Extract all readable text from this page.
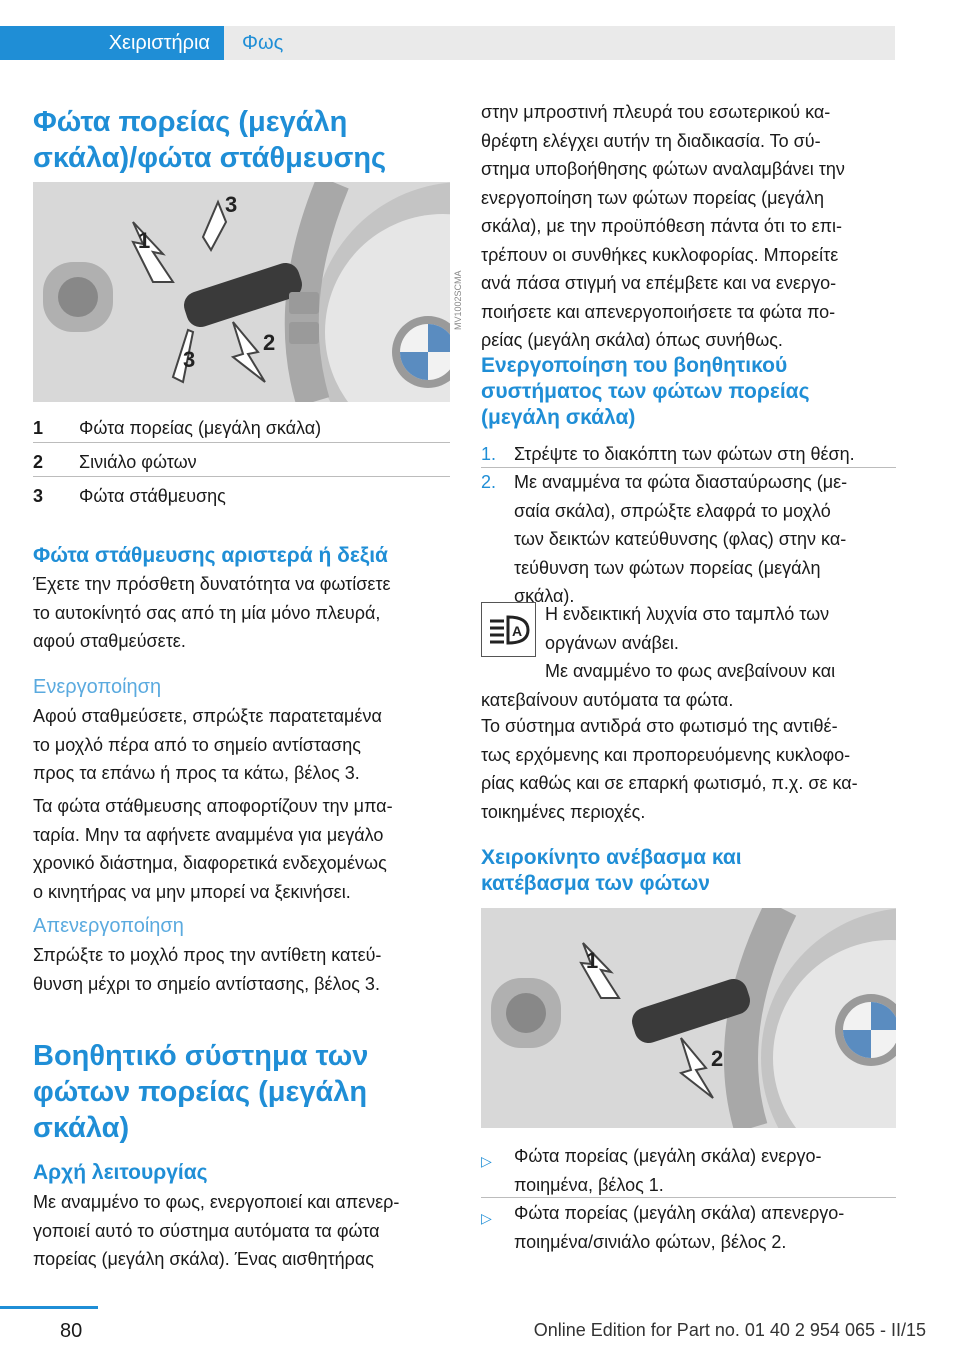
Χειριστήρια	Φως
Φώτα πορείας (μεγάλη
σκάλα)/φώτα στάθμευσης
1
3
2
3
MV1002SCMA
1 Φώτα πορείας (μεγάλη σκάλα)
2 Σινιάλο φώτων
3 Φώτα στάθμευσης
Φώτα στάθμευσης αριστερά ή δεξιά
Έχετε την πρόσθετη δυνατότητα να φωτίσετε
το αυτοκίνητό σας από τη μία μόνο πλευρά,
αφού σταθμεύσετε.
Ενεργοποίηση
Αφού σταθμεύσετε, σπρώξτε παρατεταμένα
το μοχλό πέρα από το σημείο αντίστασης
προς τα επάνω ή προς τα κάτω, βέλος 3.
Τα φώτα στάθμευσης αποφορτίζουν την μπα‐
ταρία. Μην τα αφήνετε αναμμένα για μεγάλο
χρονικό διάστημα, διαφορετικά ενδεχομένως
ο κινητήρας να μην μπορεί να ξεκινήσει.
Απενεργοποίηση
Σπρώξτε το μοχλό προς την αντίθετη κατεύ‐
θυνση μέχρι το σημείο αντίστασης, βέλος 3.
Βοηθητικό σύστημα των
φώτων πορείας (μεγάλη
σκάλα)
Αρχή λειτουργίας
Με αναμμένο το φως, ενεργοποιεί και απενερ‐
γοποιεί αυτό το σύστημα αυτόματα τα φώτα
πορείας (μεγάλη σκάλα). Ένας αισθητήρας
στην μπροστινή πλευρά του εσωτερικού κα‐
θρέφτη ελέγχει αυτήν τη διαδικασία. Το σύ‐
στημα υποβοήθησης φώτων αναλαμβάνει την
ενεργοποίηση των φώτων πορείας (μεγάλη
σκάλα), με την προϋπόθεση πάντα ότι το επι‐
τρέπουν οι συνθήκες κυκλοφορίας. Μπορείτε
ανά πάσα στιγμή να επέμβετε και να ενεργο‐
ποιήσετε και απενεργοποιήσετε τα φώτα πο‐
ρείας (μεγάλη σκάλα) όπως συνήθως.
Ενεργοποίηση του βοηθητικού
συστήματος των φώτων πορείας
(μεγάλη σκάλα)
1. Στρέψτε το διακόπτη των φώτων στη θέση.
2. Με αναμμένα τα φώτα διασταύρωσης (με‐
σαία σκάλα), σπρώξτε ελαφρά το μοχλό
των δεικτών κατεύθυνσης (φλας) στην κα‐
τεύθυνση των φώτων πορείας (μεγάλη
σκάλα).
A
Η ενδεικτική λυχνία στο ταμπλό των
οργάνων ανάβει.
Με αναμμένο το φως ανεβαίνουν και
κατεβαίνουν αυτόματα τα φώτα.
Το σύστημα αντιδρά στο φωτισμό της αντιθέ‐
τως ερχόμενης και προπορευόμενης κυκλοφο‐
ρίας καθώς και σε επαρκή φωτισμό, π.χ. σε κα‐
τοικημένες περιοχές.
Χειροκίνητο ανέβασμα και
κατέβασμα των φώτων
1
2
▷ Φώτα πορείας (μεγάλη σκάλα) ενεργο‐
ποιημένα, βέλος 1.
▷ Φώτα πορείας (μεγάλη σκάλα) απενεργο‐
ποιημένα/σινιάλο φώτων, βέλος 2.
80	Online Edition for Part no. 01 40 2 954 065 - II/15
